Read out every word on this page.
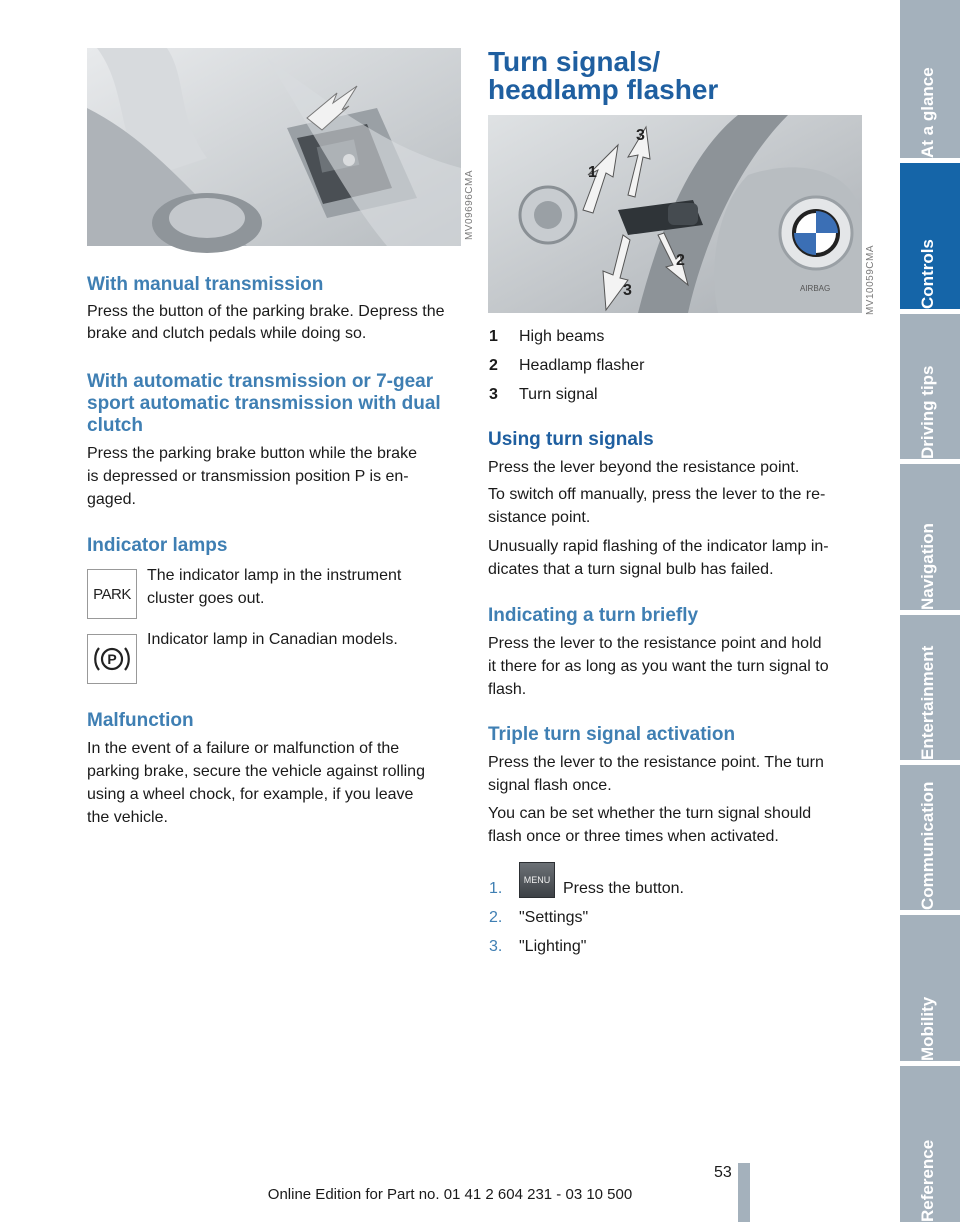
MV09696CMA
With manual transmission

Press the button of the parking brake. Depress the brake and clutch pedals while doing so.

With automatic transmission or 7-gear
sport automatic transmission with dual
clutch

Press the parking brake button while the brake

is depressed or transmission position P is en-

gaged.

Indicator lamps
PARK

The indicator lamp in the instrument

cluster goes out.

P

Indicator lamp in Canadian models.

Malfunction

In the event of a failure or malfunction of the

parking brake, secure the vehicle against rolling

using a wheel chock, for example, if you leave

the vehicle.

Turn signals/
headlamp flasher
AIRBAG
1
2
3
3	MV10059CMA
1 High beams
2 Headlamp flasher
3 Turn signal
Using turn signals

Press the lever beyond the resistance point.

To switch off manually, press the lever to the re-

sistance point.

Unusually rapid flashing of the indicator lamp in-

dicates that a turn signal bulb has failed.

Indicating a turn briefly

Press the lever to the resistance point and hold

it there for as long as you want the turn signal to

flash.

Triple turn signal activation

Press the lever to the resistance point. The turn

signal flash once.

You can be set whether the turn signal should

flash once or three times when activated.

1. MENU Press the button.
2. "Settings"
3. "Lighting"
At a glance
Controls
Driving tips
Navigation
Entertainment
Communication
Mobility
Reference
53
Online Edition for Part no. 01 41 2 604 231 - 03 10 500
